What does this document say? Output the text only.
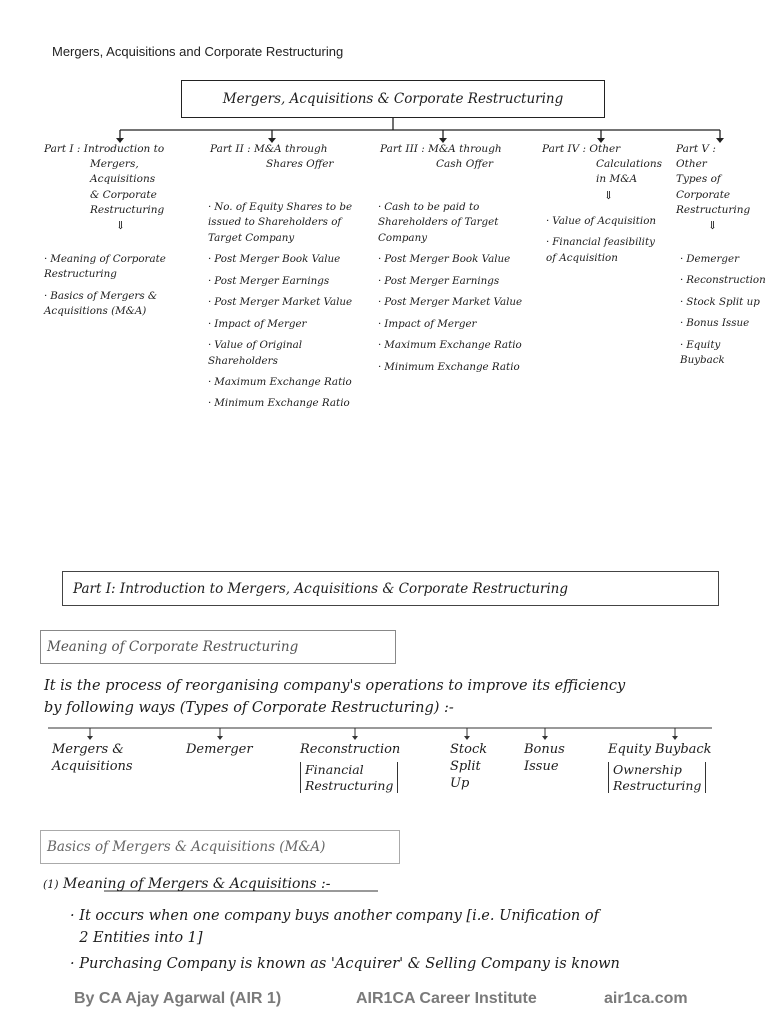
Mergers, Acquisitions and Corporate Restructuring
Mergers, Acquisitions & Corporate Restructuring
Part I : Introduction to
Mergers,
Acquisitions
& Corporate
Restructuring
⇓
· Meaning of Corporate Restructuring
· Basics of Mergers & Acquisitions (M&A)
Part II : M&A through
Shares Offer
· No. of Equity Shares to be issued to Shareholders of Target Company
· Post Merger Book Value
· Post Merger Earnings
· Post Merger Market Value
· Impact of Merger
· Value of Original Shareholders
· Maximum Exchange Ratio
· Minimum Exchange Ratio
Part III : M&A through
Cash Offer
· Cash to be paid to Shareholders of Target Company
· Post Merger Book Value
· Post Merger Earnings
· Post Merger Market Value
· Impact of Merger
· Maximum Exchange Ratio
· Minimum Exchange Ratio
Part IV : Other
Calculations
in M&A
⇓
· Value of Acquisition
· Financial feasibility of Acquisition
Part V :
Other
Types of
Corporate
Restructuring
⇓
· Demerger
· Reconstruction
· Stock Split up
· Bonus Issue
· Equity Buyback
Part I: Introduction to Mergers, Acquisitions & Corporate Restructuring
Meaning of Corporate Restructuring
It is the process of reorganising company's operations to improve its efficiency
by following ways (Types of Corporate Restructuring) :-
Mergers &
Acquisitions
Demerger	Reconstruction
Financial
Restructuring
Stock
Split
Up
Bonus
Issue
Equity Buyback
Ownership
Restructuring
Basics of Mergers & Acquisitions (M&A)
(1) Meaning of Mergers & Acquisitions :-
· It occurs when one company buys another company [i.e. Unification of
2 Entities into 1]
· Purchasing Company is known as 'Acquirer' & Selling Company is known
By CA Ajay Agarwal (AIR 1)	AIR1CA Career Institute	air1ca.com
